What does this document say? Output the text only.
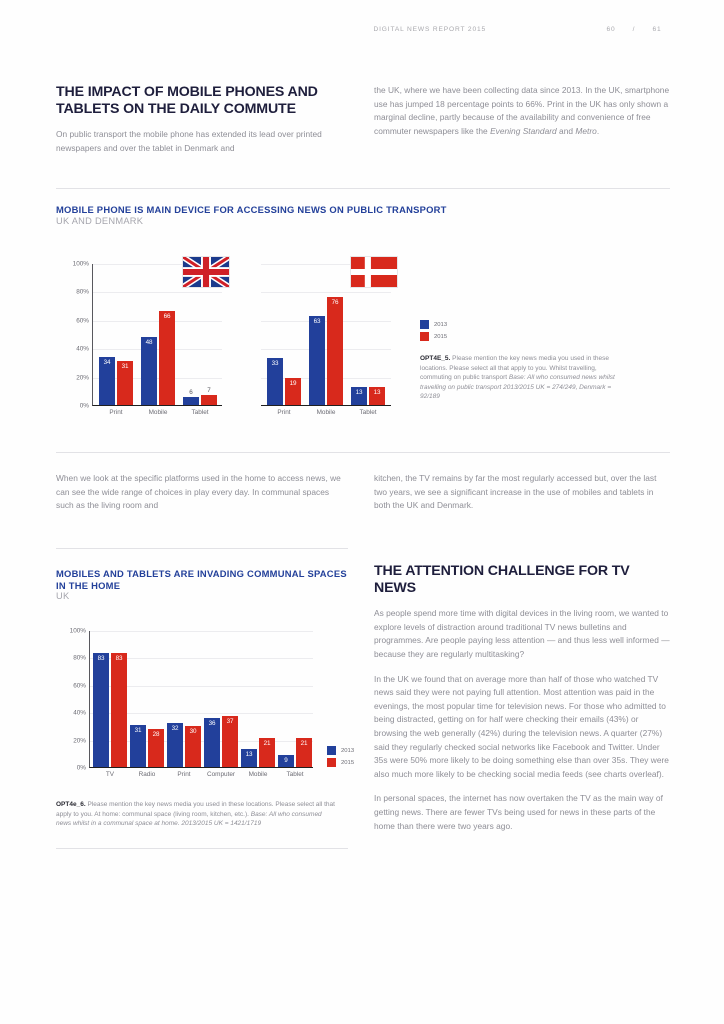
DIGITAL NEWS REPORT 2015	60	/	61
THE IMPACT OF MOBILE PHONES AND TABLETS ON THE DAILY COMMUTE

On public transport the mobile phone has extended its lead over printed newspapers and over the tablet in Denmark and

the UK, where we have been collecting data since 2013. In the UK, smartphone use has jumped 18 percentage points to 66%. Print in the UK has only shown a marginal decline, partly because of the availability and convenience of free commuter newspapers like the Evening Standard and Metro.

MOBILE PHONE IS MAIN DEVICE FOR ACCESSING NEWS ON PUBLIC TRANSPORT
UK AND DENMARK
100%
80%
60%
40%
20%
0%
34
31
Print
48
66
Mobile
6	7
Tablet
33
19
Print
63
76
Mobile
13	13
Tablet
2013
2015
OPT4E_5. Please mention the key news media you used in these locations. Please select all that apply to you. Whilst travelling, commuting on public transport Base: All who consumed news whilst travelling on public transport 2013/2015 UK = 274/249, Denmark = 92/189

When we look at the specific platforms used in the home to access news, we can see the wide range of choices in play every day. In communal spaces such as the living room and

kitchen, the TV remains by far the most regularly accessed but, over the last two years, we see a significant increase in the use of mobiles and tablets in both the UK and Denmark.

MOBILES AND TABLETS ARE INVADING COMMUNAL SPACES IN THE HOME
UK
100%
80%
60%
40%
20%
0%
83	83
TV
31
28
Radio
32	30
Print
36	37
Computer
13
21
Mobile
9
21
Tablet
2013
2015
OPT4e_6. Please mention the key news media you used in these locations. Please select all that apply to you. At home: communal space (living room, kitchen, etc.). Base: All who consumed news whilst in a communal space at home. 2013/2015 UK = 1421/1719
THE ATTENTION CHALLENGE FOR TV NEWS

As people spend more time with digital devices in the living room, we wanted to explore levels of distraction around traditional TV news bulletins and programmes. Are people paying less attention — and thus less well informed — because they are regularly multitasking?

In the UK we found that on average more than half of those who watched TV news said they were not paying full attention. Most attention was paid in the evenings, the most popular time for television news. For those who admitted to being distracted, getting on for half were checking their emails (43%) or browsing the web generally (42%) during the television news. A quarter (27%) said they regularly checked social networks like Facebook and Twitter. Under 35s were 50% more likely to be doing something else than over 35s. They were also much more likely to be checking social media feeds (see charts overleaf).

In personal spaces, the internet has now overtaken the TV as the main way of getting news. There are fewer TVs being used for news in these parts of the home than there were two years ago.
